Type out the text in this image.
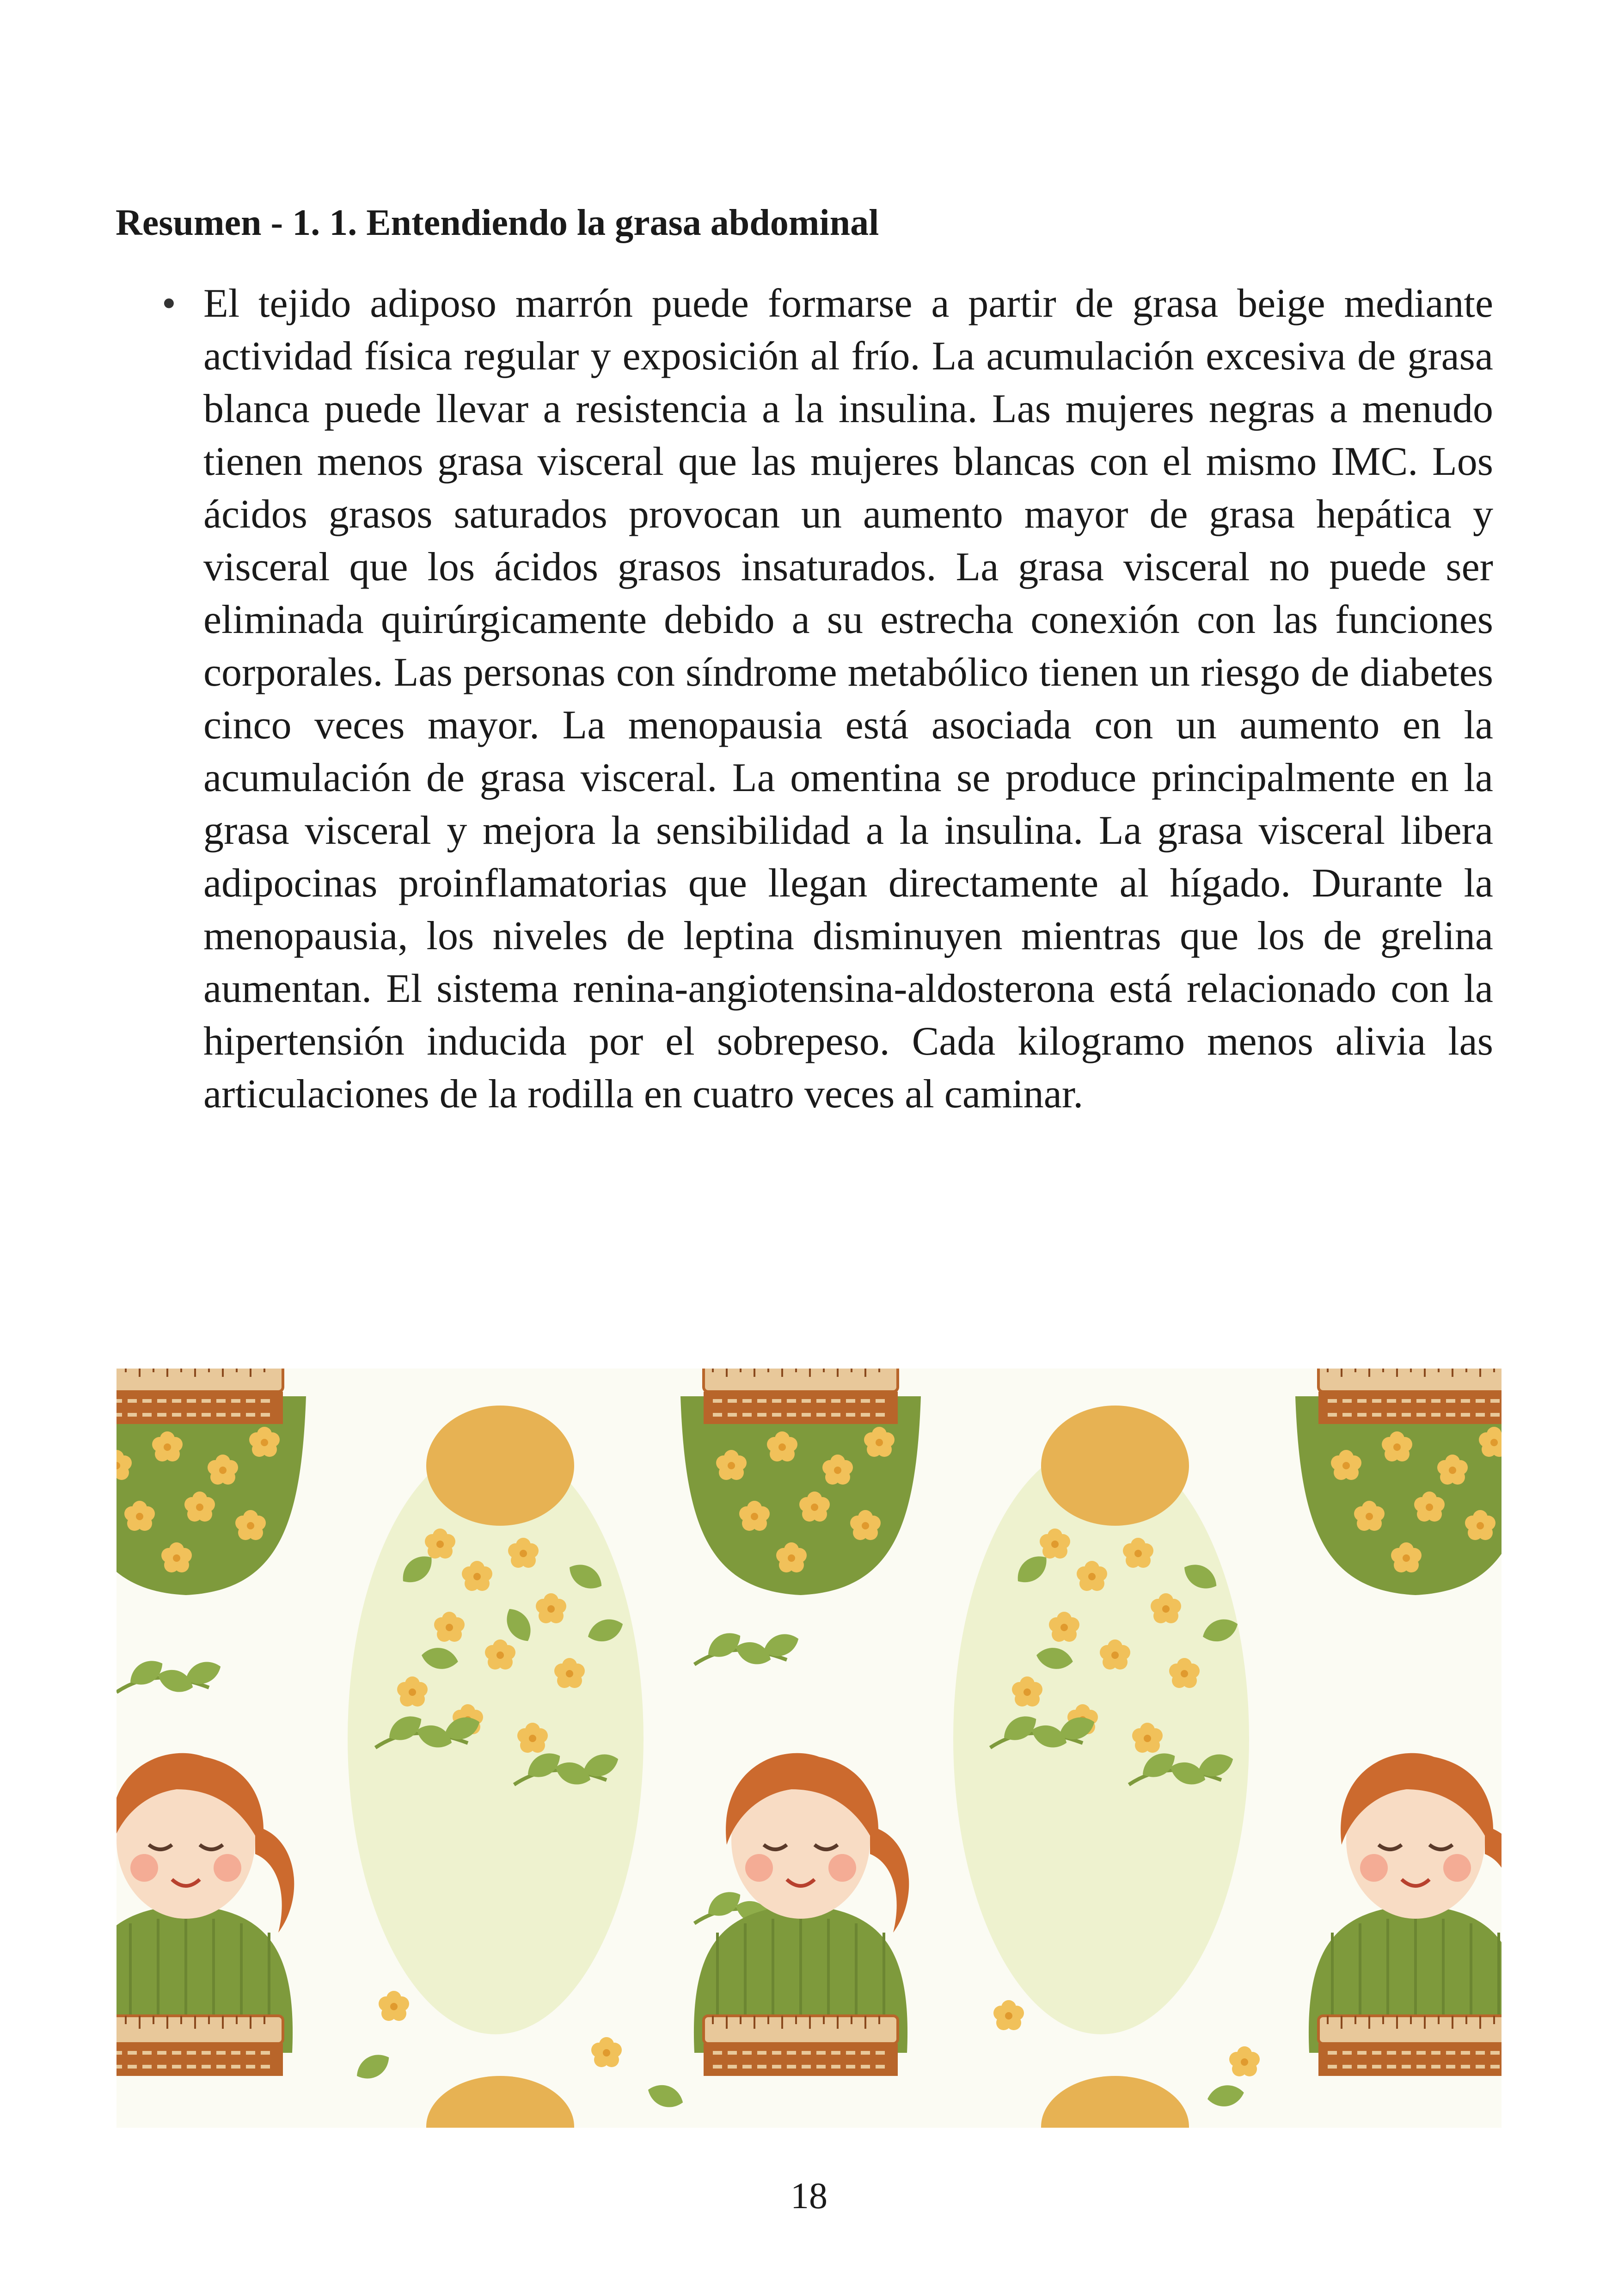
Resumen - 1. 1. Entendiendo la grasa abdominal
• El tejido adiposo marrón puede formarse a partir de grasa beige mediante actividad física regular y exposición al frío. La acumulación excesiva de grasa blanca puede llevar a resistencia a la insulina. Las mujeres negras a menudo tienen menos grasa visceral que las mujeres blancas con el mismo IMC. Los ácidos grasos saturados provocan un aumento mayor de grasa hepática y visceral que los ácidos grasos insaturados. La grasa visceral no puede ser eliminada quirúrgicamente debido a su estrecha conexión con las funciones corporales. Las personas con síndrome metabólico tienen un riesgo de diabetes cinco veces mayor. La menopausia está asociada con un aumento en la acumulación de grasa visceral. La omentina se produce principalmente en la grasa visceral y mejora la sensibilidad a la insulina. La grasa visceral libera adipocinas proinflamatorias que llegan directamente al hígado. Durante la menopausia, los niveles de leptina disminuyen mientras que los de grelina aumentan. El sistema renina-angiotensina-aldosterona está relacionado con la hipertensión inducida por el sobrepeso. Cada kilogramo menos alivia las articulaciones de la rodilla en cuatro veces al caminar.
18
